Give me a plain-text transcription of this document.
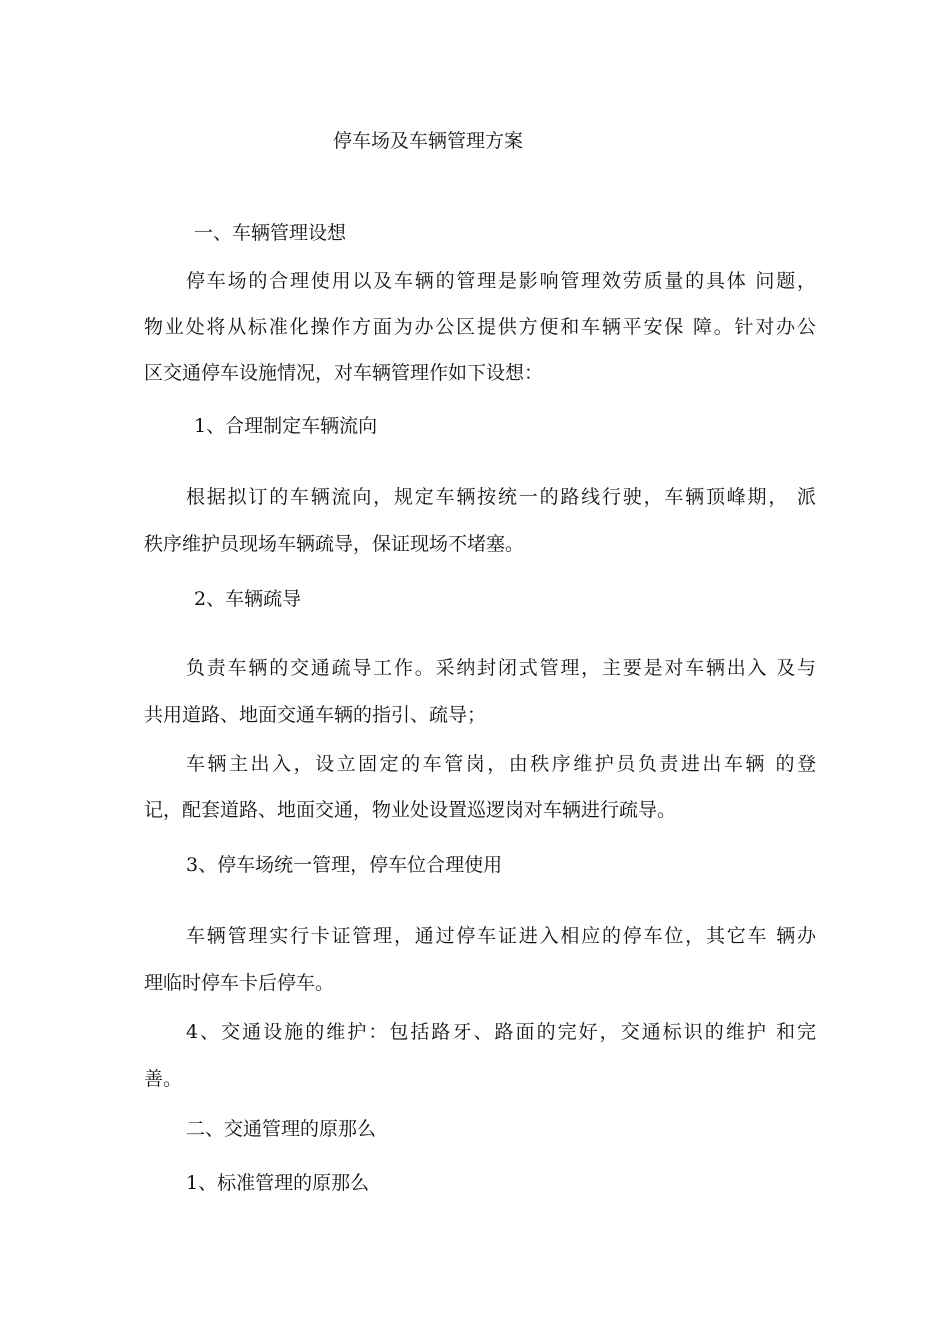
停车场及车辆管理方案
一、车辆管理设想
停车场的合理使用以及车辆的管理是影响管理效劳质量的具体 问题，
物业处将从标准化操作方面为办公区提供方便和车辆平安保 障。针对办公
区交通停车设施情况，对车辆管理作如下设想：
1、合理制定车辆流向
根据拟订的车辆流向，规定车辆按统一的路线行驶，车辆顶峰期， 派
秩序维护员现场车辆疏导，保证现场不堵塞。
2、车辆疏导
负责车辆的交通疏导工作。采纳封闭式管理，主要是对车辆出入 及与
共用道路、地面交通车辆的指引、疏导；
车辆主出入，设立固定的车管岗，由秩序维护员负责进出车辆 的登
记，配套道路、地面交通，物业处设置巡逻岗对车辆进行疏导。
3、停车场统一管理，停车位合理使用
车辆管理实行卡证管理，通过停车证进入相应的停车位，其它车 辆办
理临时停车卡后停车。
4、交通设施的维护：包括路牙、路面的完好，交通标识的维护 和完
善。
二、交通管理的原那么
1、标准管理的原那么
